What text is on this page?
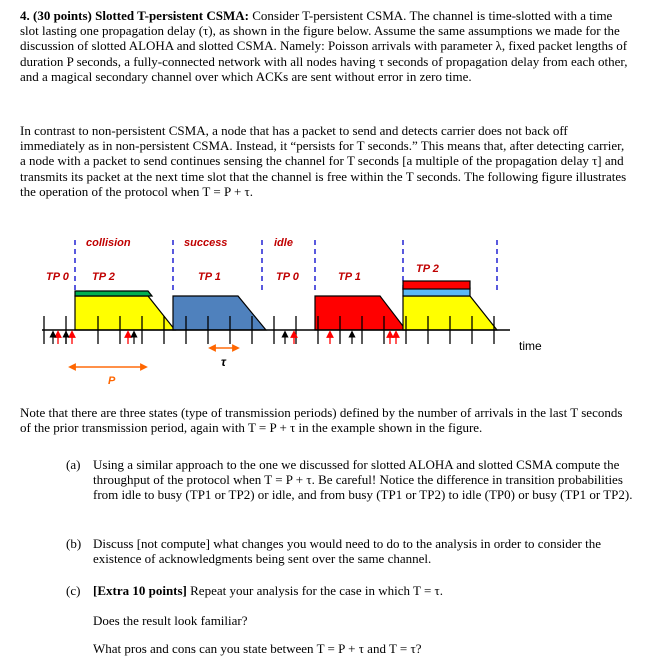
4. (30 points) Slotted T-persistent CSMA: Consider T-persistent CSMA. The channel is time-slotted with a time slot lasting one propagation delay (τ), as shown in the figure below. Assume the same assumptions we made for the discussion of slotted ALOHA and slotted CSMA. Namely: Poisson arrivals with parameter λ, fixed packet lengths of duration P seconds, a fully-connected network with all nodes having τ seconds of propagation delay from each other, and a magical secondary channel over which ACKs are sent without error in zero time.

In contrast to non-persistent CSMA, a node that has a packet to send and detects carrier does not back off immediately as in non-persistent CSMA. Instead, it “persists for T seconds.” This means that, after detecting carrier, a node with a packet to send continues sensing the channel for T seconds [a multiple of the propagation delay τ] and transmits its packet at the next time slot that the channel is free within the T seconds. The following figure illustrates the operation of the protocol when T = P + τ.

collision	success	idle
TP 0 TP 2	TP 1	TP 0	TP 1
TP 2
time
τ
P

Note that there are three states (type of transmission periods) defined by the number of arrivals in the last T seconds of the prior transmission period, again with T = P + τ in the example shown in the figure.

(a) Using a similar approach to the one we discussed for slotted ALOHA and slotted CSMA compute the throughput of the protocol when T = P + τ. Be careful! Notice the difference in transition probabilities from idle to busy (TP1 or TP2) or idle, and from busy (TP1 or TP2) to idle (TP0) or busy (TP1 or TP2).
(b) Discuss [not compute] what changes you would need to do to the analysis in order to consider the existence of acknowledgments being sent over the same channel.
(c) [Extra 10 points] Repeat your analysis for the case in which T = τ.
Does the result look familiar?
What pros and cons can you state between T = P + τ and T = τ?
